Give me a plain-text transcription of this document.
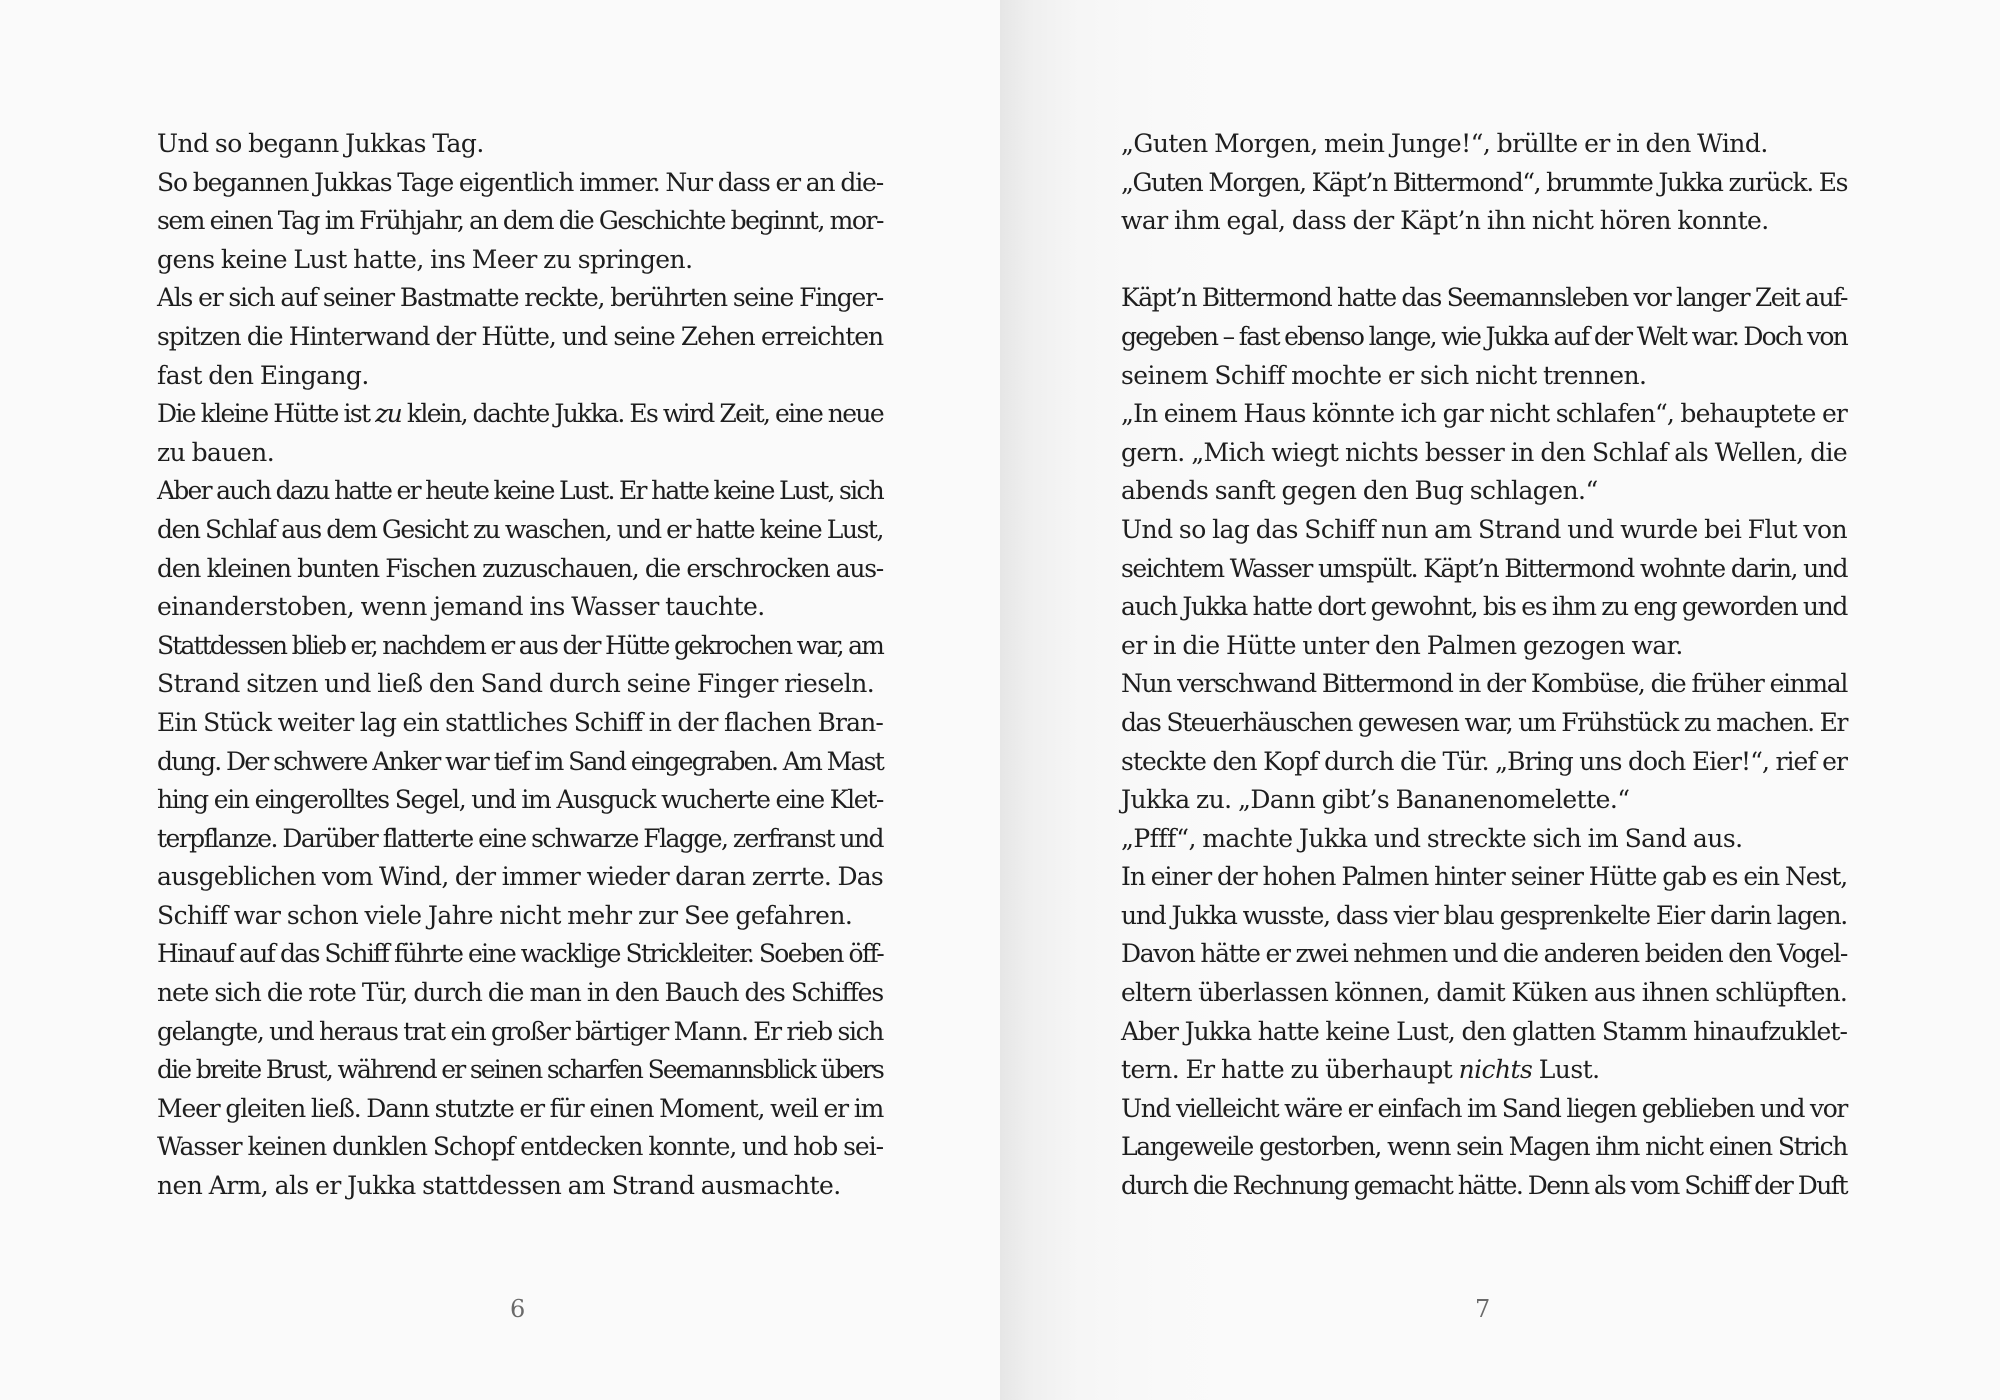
Und so begann Jukkas Tag.
So begannen Jukkas Tage eigentlich immer. Nur dass er an die-
sem einen Tag im Frühjahr, an dem die Geschichte beginnt, mor-
gens keine Lust hatte, ins Meer zu springen.
Als er sich auf seiner Bastmatte reckte, berührten seine Finger-
spitzen die Hinterwand der Hütte, und seine Zehen erreichten
fast den Eingang.
Die kleine Hütte ist zu klein, dachte Jukka. Es wird Zeit, eine neue
zu bauen.
Aber auch dazu hatte er heute keine Lust. Er hatte keine Lust, sich
den Schlaf aus dem Gesicht zu waschen, und er hatte keine Lust,
den kleinen bunten Fischen zuzuschauen, die erschrocken aus-
einanderstoben, wenn jemand ins Wasser tauchte.
Stattdessen blieb er, nachdem er aus der Hütte gekrochen war, am
Strand sitzen und ließ den Sand durch seine Finger rieseln.
Ein Stück weiter lag ein stattliches Schiff in der flachen Bran-
dung. Der schwere Anker war tief im Sand eingegraben. Am Mast
hing ein eingerolltes Segel, und im Ausguck wucherte eine Klet-
terpflanze. Darüber flatterte eine schwarze Flagge, zerfranst und
ausgeblichen vom Wind, der immer wieder daran zerrte. Das
Schiff war schon viele Jahre nicht mehr zur See gefahren.
Hinauf auf das Schiff führte eine wacklige Strickleiter. Soeben öff-
nete sich die rote Tür, durch die man in den Bauch des Schiffes
gelangte, und heraus trat ein großer bärtiger Mann. Er rieb sich
die breite Brust, während er seinen scharfen Seemannsblick übers
Meer gleiten ließ. Dann stutzte er für einen Moment, weil er im
Wasser keinen dunklen Schopf entdecken konnte, und hob sei-
nen Arm, als er Jukka stattdessen am Strand ausmachte.
6
„Guten Morgen, mein Junge!“, brüllte er in den Wind.
„Guten Morgen, Käpt’n Bittermond“, brummte Jukka zurück. Es
war ihm egal, dass der Käpt’n ihn nicht hören konnte.
Käpt’n Bittermond hatte das Seemannsleben vor langer Zeit auf-
gegeben – fast ebenso lange, wie Jukka auf der Welt war. Doch von
seinem Schiff mochte er sich nicht trennen.
„In einem Haus könnte ich gar nicht schlafen“, behauptete er
gern. „Mich wiegt nichts besser in den Schlaf als Wellen, die
abends sanft gegen den Bug schlagen.“
Und so lag das Schiff nun am Strand und wurde bei Flut von
seichtem Wasser umspült. Käpt’n Bittermond wohnte darin, und
auch Jukka hatte dort gewohnt, bis es ihm zu eng geworden und
er in die Hütte unter den Palmen gezogen war.
Nun verschwand Bittermond in der Kombüse, die früher einmal
das Steuerhäuschen gewesen war, um Frühstück zu machen. Er
steckte den Kopf durch die Tür. „Bring uns doch Eier!“, rief er
Jukka zu. „Dann gibt’s Bananenomelette.“
„Pfff“, machte Jukka und streckte sich im Sand aus.
In einer der hohen Palmen hinter seiner Hütte gab es ein Nest,
und Jukka wusste, dass vier blau gesprenkelte Eier darin lagen.
Davon hätte er zwei nehmen und die anderen beiden den Vogel-
eltern überlassen können, damit Küken aus ihnen schlüpften.
Aber Jukka hatte keine Lust, den glatten Stamm hinaufzuklet-
tern. Er hatte zu überhaupt nichts Lust.
Und vielleicht wäre er einfach im Sand liegen geblieben und vor
Langeweile gestorben, wenn sein Magen ihm nicht einen Strich
durch die Rechnung gemacht hätte. Denn als vom Schiff der Duft
7
